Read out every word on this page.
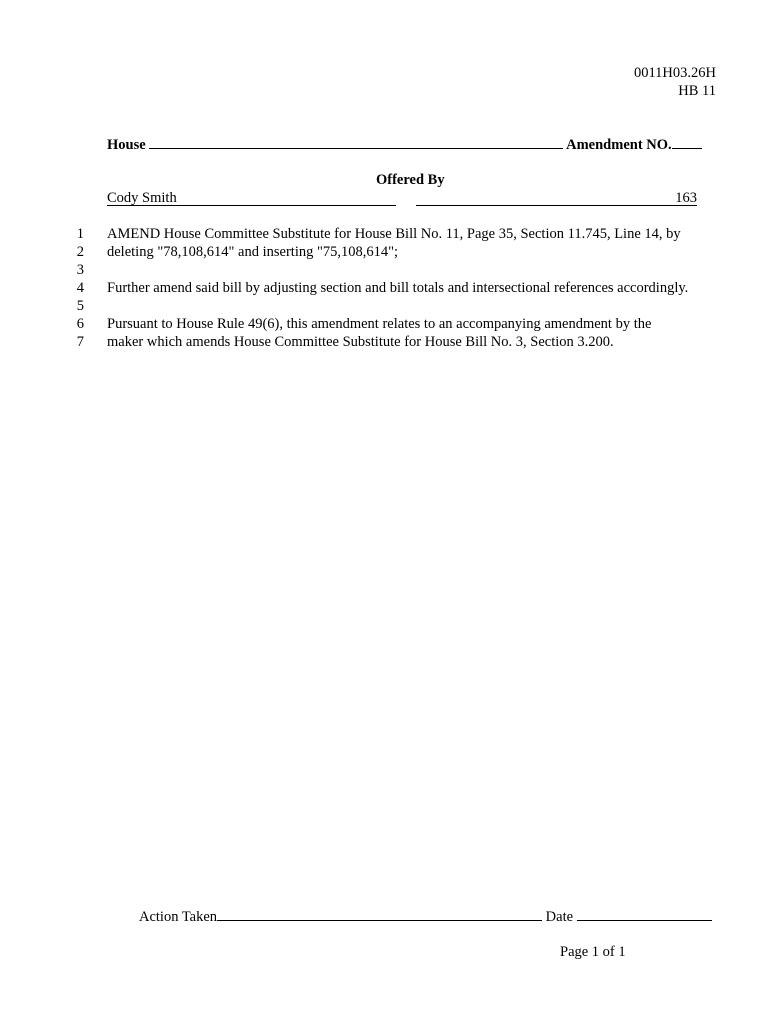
0011H03.26H
HB 11
House	Amendment NO.
Offered By
Cody Smith	163
1 AMEND House Committee Substitute for House Bill No. 11, Page 35, Section 11.745, Line 14, by
2 deleting "78,108,614" and inserting "75,108,614";
3
4 Further amend said bill by adjusting section and bill totals and intersectional references accordingly.
5
6 Pursuant to House Rule 49(6), this amendment relates to an accompanying amendment by the
7 maker which amends House Committee Substitute for House Bill No. 3, Section 3.200.
Action Taken	Date
Page 1 of 1
